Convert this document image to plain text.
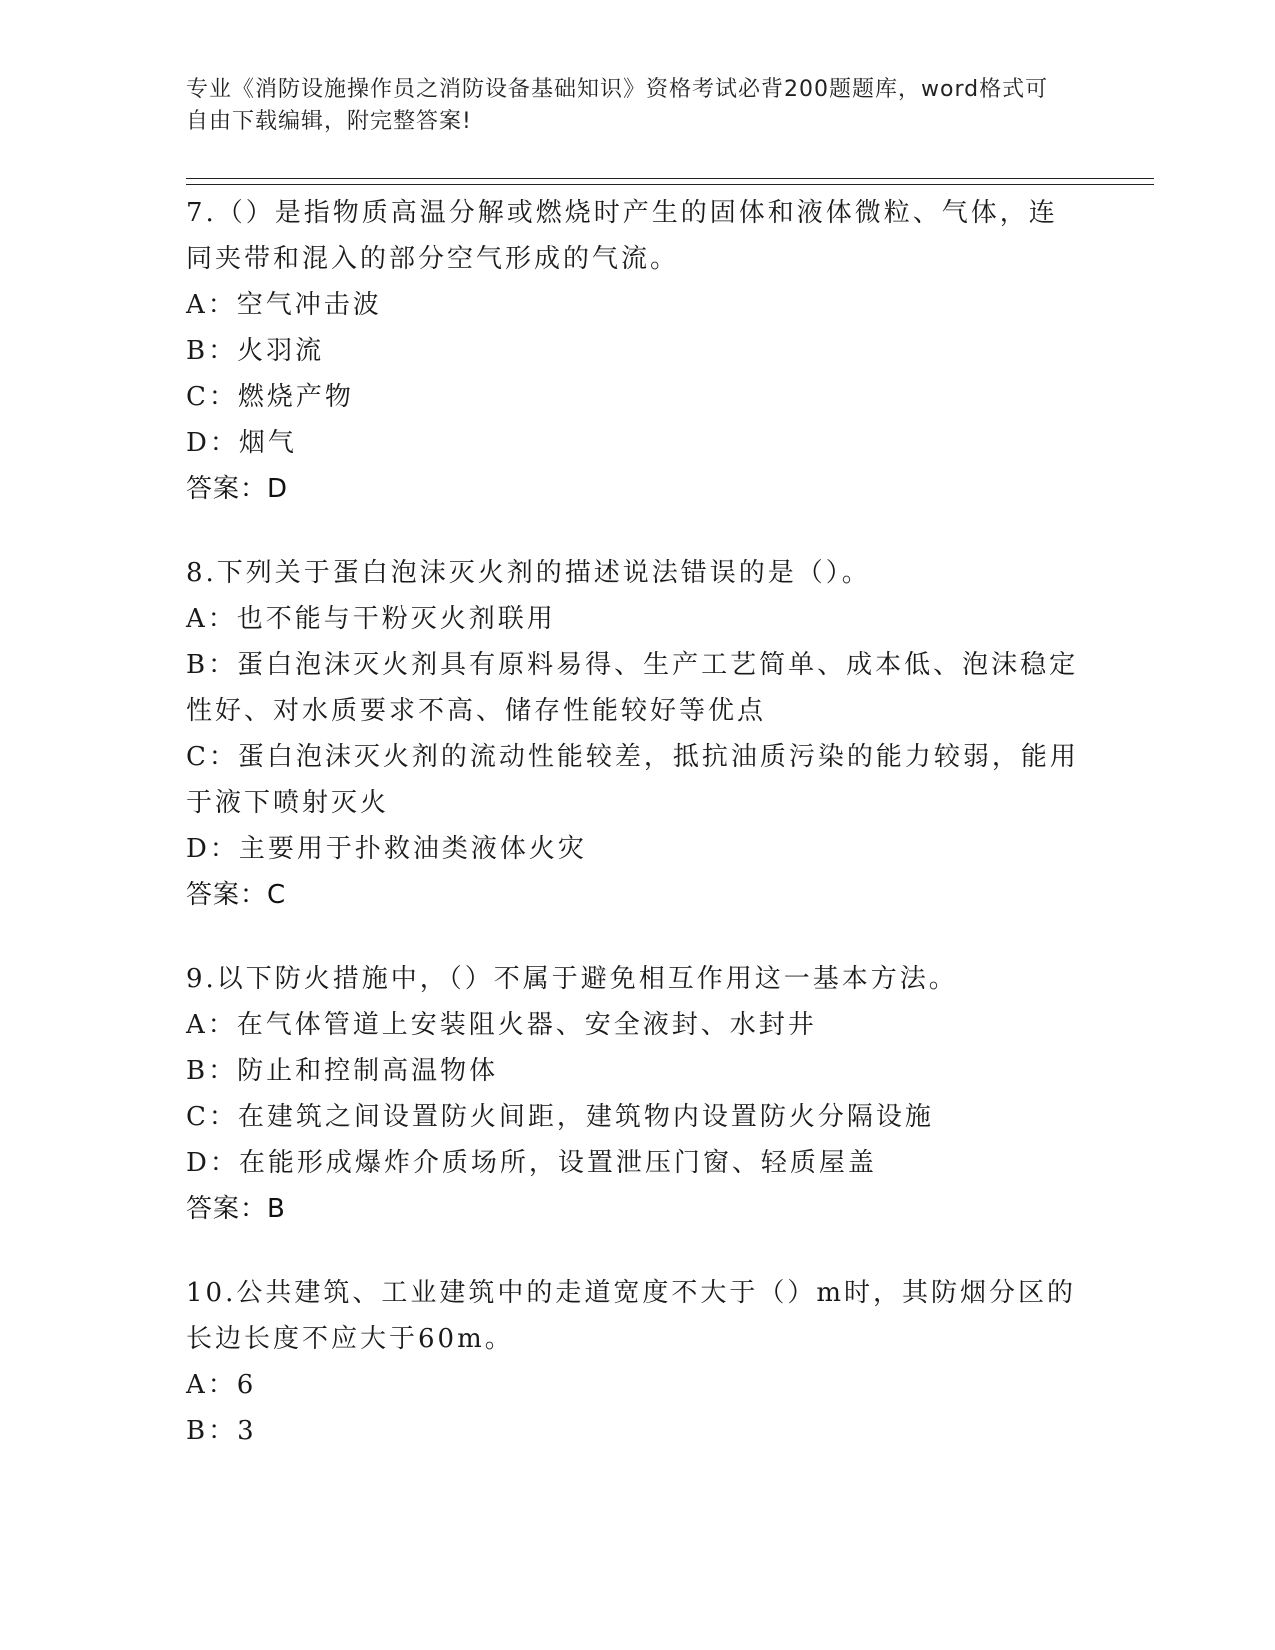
专业《消防设施操作员之消防设备基础知识》资格考试必背200题题库，word格式可自由下载编辑，附完整答案!
7.（）是指物质高温分解或燃烧时产生的固体和液体微粒、气体，连同夹带和混入的部分空气形成的气流。
A：空气冲击波
B：火羽流
C：燃烧产物
D：烟气
答案：D
8.下列关于蛋白泡沫灭火剂的描述说法错误的是（）。
A：也不能与干粉灭火剂联用
B：蛋白泡沫灭火剂具有原料易得、生产工艺简单、成本低、泡沫稳定性好、对水质要求不高、储存性能较好等优点
C：蛋白泡沫灭火剂的流动性能较差，抵抗油质污染的能力较弱，能用于液下喷射灭火
D：主要用于扑救油类液体火灾
答案：C
9.以下防火措施中，（）不属于避免相互作用这一基本方法。
A：在气体管道上安装阻火器、安全液封、水封井
B：防止和控制高温物体
C：在建筑之间设置防火间距，建筑物内设置防火分隔设施
D：在能形成爆炸介质场所，设置泄压门窗、轻质屋盖
答案：B
10.公共建筑、工业建筑中的走道宽度不大于（）m时，其防烟分区的长边长度不应大于60m。
A：6
B：3
